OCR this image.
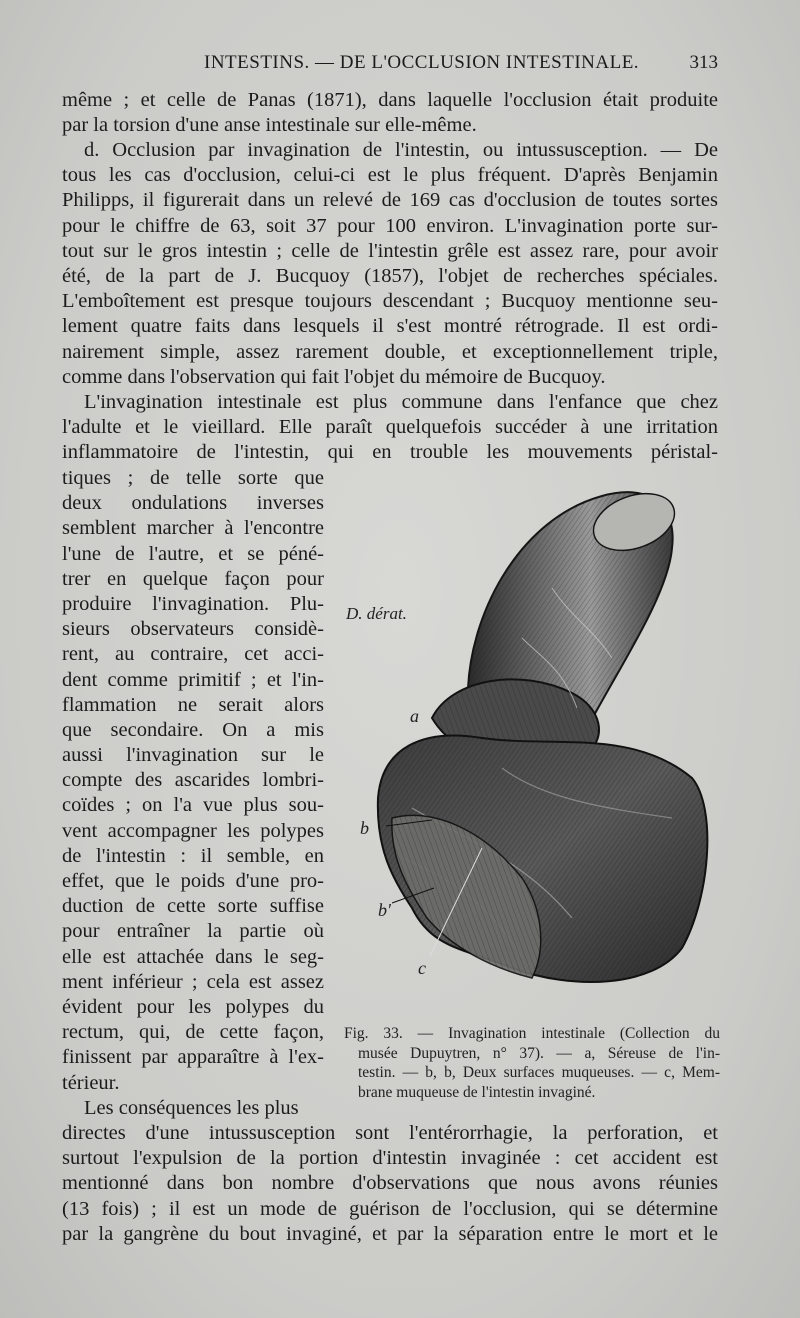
INTESTINS. — DE L'OCCLUSION INTESTINALE.	313
même ; et celle de Panas (1871), dans laquelle l'occlusion était produite
par la torsion d'une anse intestinale sur elle-même.
d. Occlusion par invagination de l'intestin, ou intussusception. — De
tous les cas d'occlusion, celui-ci est le plus fréquent. D'après Benjamin
Philipps, il figurerait dans un relevé de 169 cas d'occlusion de toutes sortes
pour le chiffre de 63, soit 37 pour 100 environ. L'invagination porte sur-
tout sur le gros intestin ; celle de l'intestin grêle est assez rare, pour avoir
été, de la part de J. Bucquoy (1857), l'objet de recherches spéciales.
L'emboîtement est presque toujours descendant ; Bucquoy mentionne seu-
lement quatre faits dans lesquels il s'est montré rétrograde. Il est ordi-
nairement simple, assez rarement double, et exceptionnellement triple,
comme dans l'observation qui fait l'objet du mémoire de Bucquoy.
L'invagination intestinale est plus commune dans l'enfance que chez
l'adulte et le vieillard. Elle paraît quelquefois succéder à une irritation
inflammatoire de l'intestin, qui en trouble les mouvements péristal-
tiques ; de telle sorte que
deux ondulations inverses
semblent marcher à l'encontre
l'une de l'autre, et se péné-
trer en quelque façon pour
produire l'invagination. Plu-
sieurs observateurs considè-
rent, au contraire, cet acci-
dent comme primitif ; et l'in-
flammation ne serait alors
que secondaire. On a mis
aussi l'invagination sur le
compte des ascarides lombri-
coïdes ; on l'a vue plus sou-
vent accompagner les polypes
de l'intestin : il semble, en
effet, que le poids d'une pro-
duction de cette sorte suffise
pour entraîner la partie où
elle est attachée dans le seg-
ment inférieur ; cela est assez
évident pour les polypes du
rectum, qui, de cette façon,
finissent par apparaître à l'ex-
térieur.
Les conséquences les plus
directes d'une intussusception sont l'entérorrhagie, la perforation, et
surtout l'expulsion de la portion d'intestin invaginée : cet accident est
mentionné dans bon nombre d'observations que nous avons réunies
(13 fois) ; il est un mode de guérison de l'occlusion, qui se détermine
par la gangrène du bout invaginé, et par la séparation entre le mort et le
D. dérat.
a
b
b'
c
Fig. 33. — Invagination intestinale (Collection du
musée Dupuytren, n° 37). — a, Séreuse de l'in-
testin. — b, b, Deux surfaces muqueuses. — c, Mem-
brane muqueuse de l'intestin invaginé.
